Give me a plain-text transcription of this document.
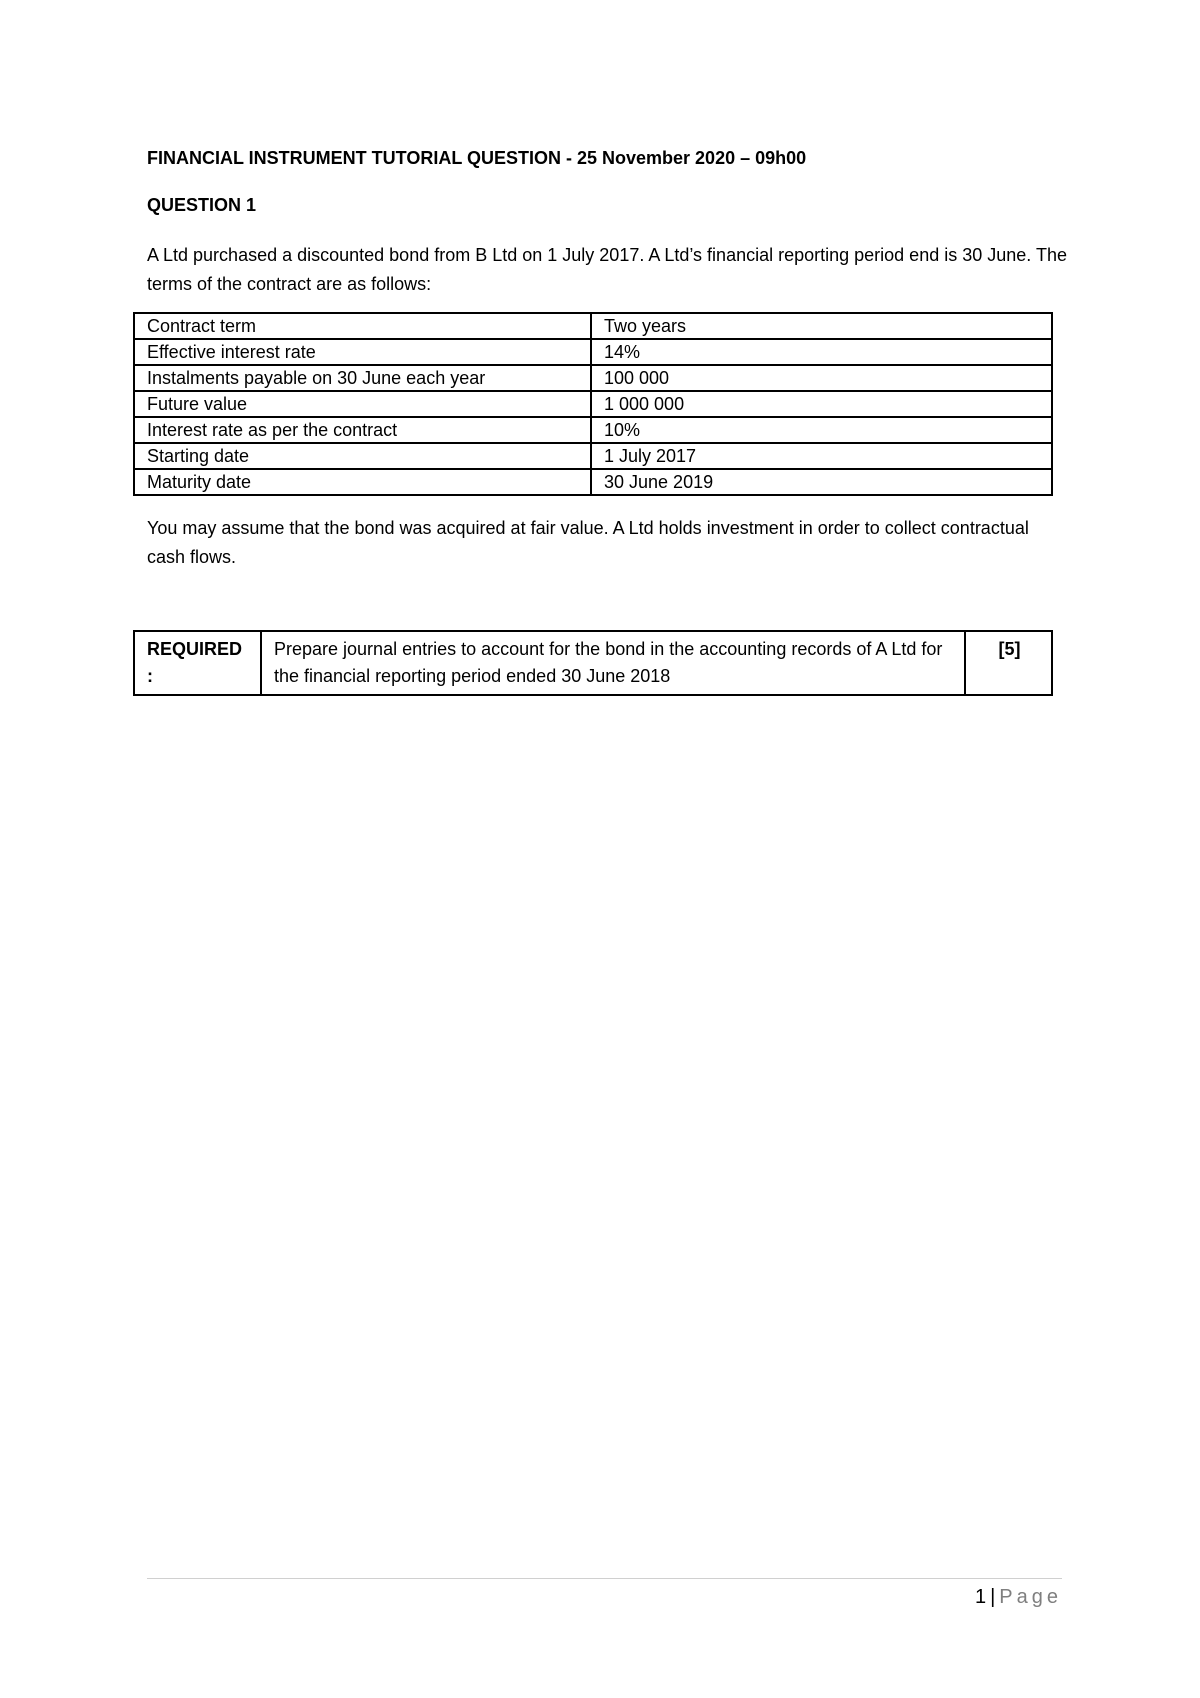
FINANCIAL INSTRUMENT TUTORIAL QUESTION - 25 November 2020 – 09h00
QUESTION 1
A Ltd purchased a discounted bond from B Ltd on 1 July 2017. A Ltd’s financial reporting period end is 30 June. The terms of the contract are as follows:
Contract term	Two years
Effective interest rate	14%
Instalments payable on 30 June each year	100 000
Future value	1 000 000
Interest rate as per the contract	10%
Starting date	1 July 2017
Maturity date	30 June 2019
You may assume that the bond was acquired at fair value. A Ltd holds investment in order to collect contractual cash flows.
REQUIRED :	Prepare journal entries to account for the bond in the accounting records of A Ltd for the financial reporting period ended 30 June 2018	[5]
1 | Page
